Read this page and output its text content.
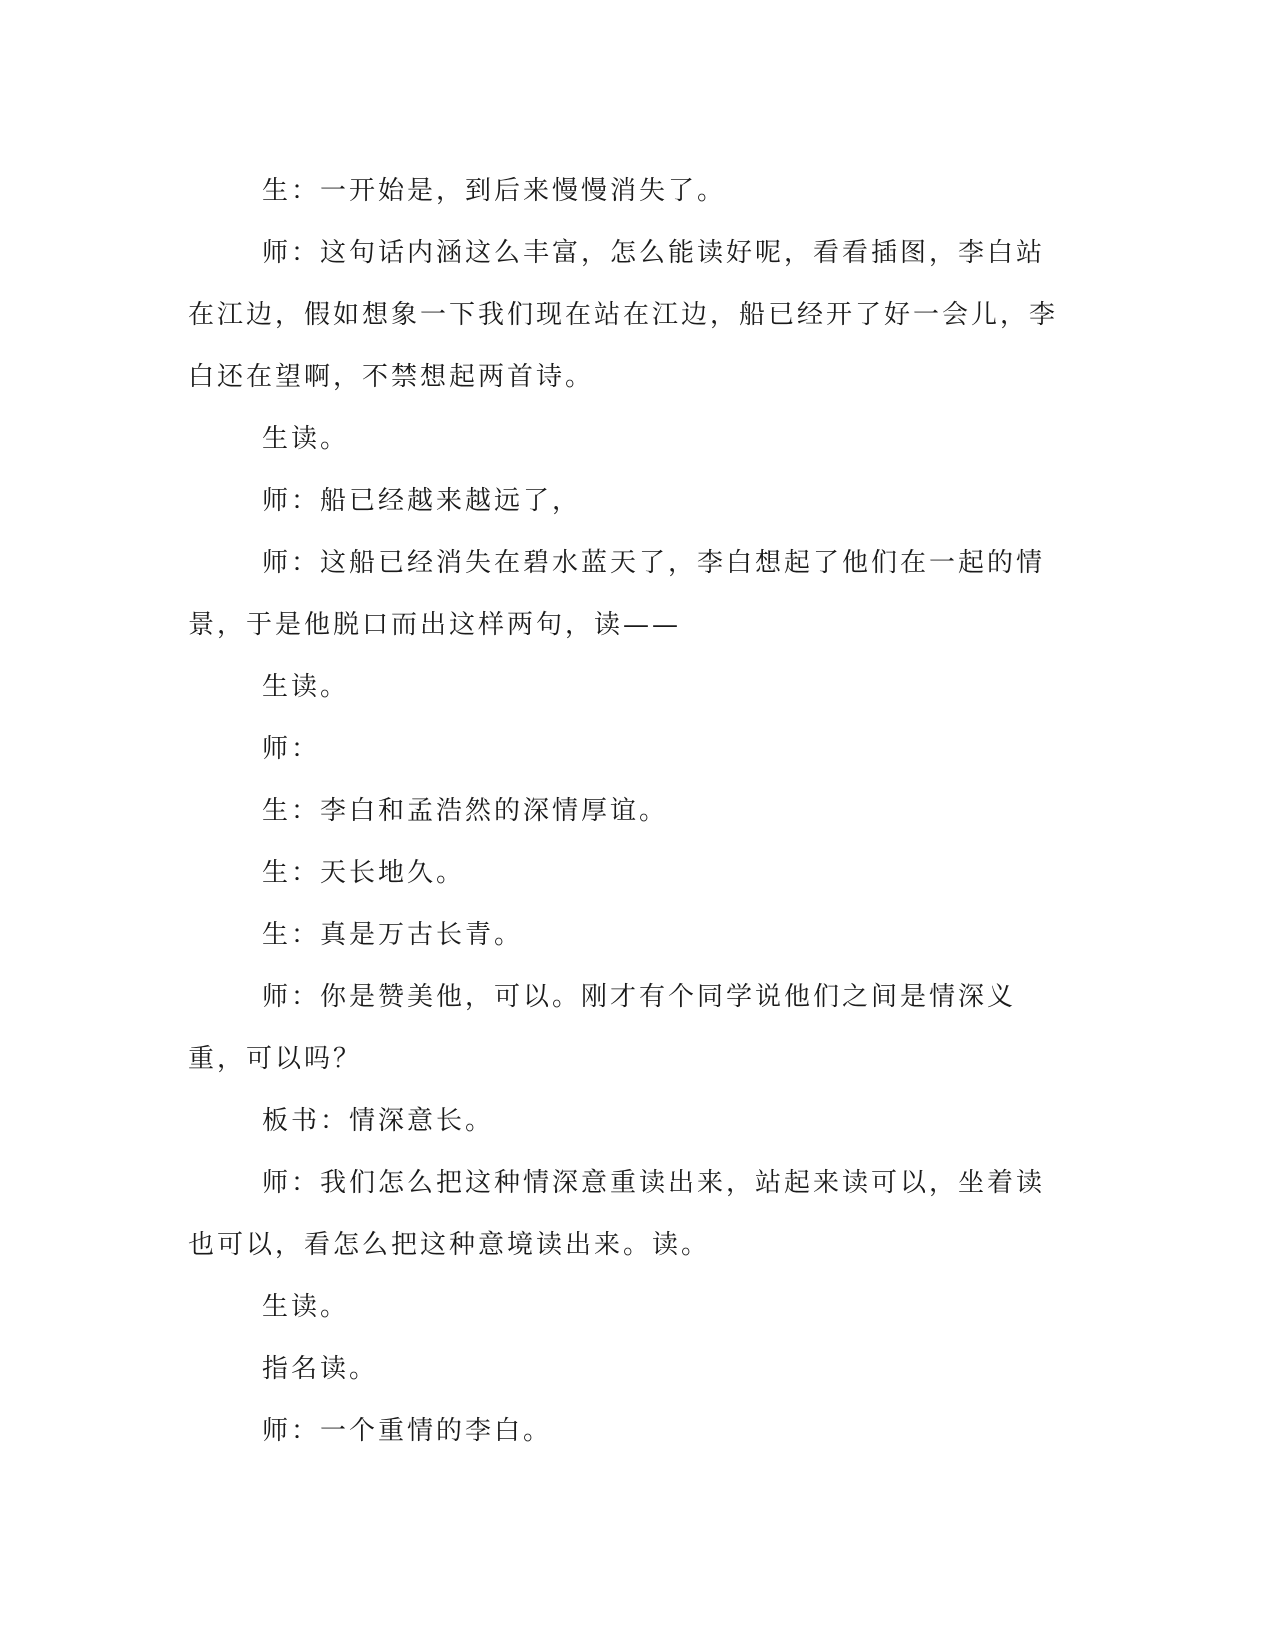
生：一开始是，到后来慢慢消失了。

师：这句话内涵这么丰富，怎么能读好呢，看看插图，李白站在江边，假如想象一下我们现在站在江边，船已经开了好一会儿，李白还在望啊，不禁想起两首诗。

生读。

师：船已经越来越远了，

师：这船已经消失在碧水蓝天了，李白想起了他们在一起的情景，于是他脱口而出这样两句，读——

生读。

师：

生：李白和孟浩然的深情厚谊。

生：天长地久。

生：真是万古长青。

师：你是赞美他，可以。刚才有个同学说他们之间是情深义重，可以吗？

板书：情深意长。

师：我们怎么把这种情深意重读出来，站起来读可以，坐着读也可以，看怎么把这种意境读出来。读。

生读。

指名读。

师：一个重情的李白。
